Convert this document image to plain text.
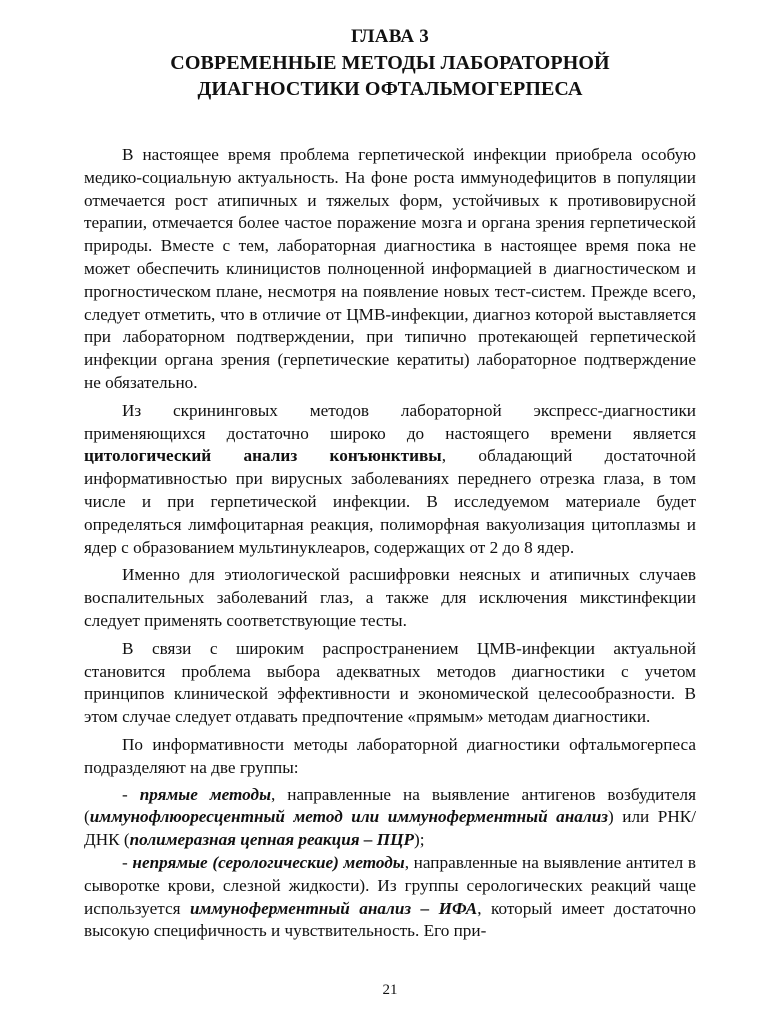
ГЛАВА 3
СОВРЕМЕННЫЕ МЕТОДЫ ЛАБОРАТОРНОЙ
ДИАГНОСТИКИ ОФТАЛЬМОГЕРПЕСА

В настоящее время проблема герпетической инфекции приобрела особую медико-социальную актуальность. На фоне роста иммунодефицитов в популяции отмечается рост атипичных и тяжелых форм, устойчивых к противовирусной терапии, отмечается более частое поражение мозга и органа зрения герпетической природы. Вместе с тем, лабораторная диагностика в настоящее время пока не может обеспечить клиницистов полноценной информацией в диагностическом и прогностическом плане, несмотря на появление новых тест-систем. Прежде всего, следует отметить, что в отличие от ЦМВ-инфекции, диагноз которой выставляется при лабораторном подтверждении, при типично протекающей герпетической инфекции органа зрения (герпетические кератиты) лабораторное подтверждение не обязательно.

Из скрининговых методов лабораторной экспресс-диагностики применяющихся достаточно широко до настоящего времени является цитологический анализ конъюнктивы, обладающий достаточной информативностью при вирусных заболеваниях переднего отрезка глаза, в том числе и при герпетической инфекции. В исследуемом материале будет определяться лимфоцитарная реакция, полиморфная вакуолизация цитоплазмы и ядер с образованием мультинуклеаров, содержащих от 2 до 8 ядер.

Именно для этиологической расшифровки неясных и атипичных случаев воспалительных заболеваний глаз, а также для исключения микстинфекции следует применять соответствующие тесты.

В связи с широким распространением ЦМВ-инфекции актуальной становится проблема выбора адекватных методов диагностики с учетом принципов клинической эффективности и экономической целесообразности. В этом случае следует отдавать предпочтение «прямым» методам диагностики.

По информативности методы лабораторной диагностики офтальмогерпеса подразделяют на две группы:

- прямые методы, направленные на выявление антигенов возбудителя (иммунофлюоресцентный метод или иммуноферментный анализ) или РНК/ДНК (полимеразная цепная реакция – ПЦР);

- непрямые (серологические) методы, направленные на выявление антител в сыворотке крови, слезной жидкости). Из группы серологических реакций чаще используется иммуноферментный анализ – ИФА, который имеет достаточно высокую специфичность и чувствительность. Его при-

21
